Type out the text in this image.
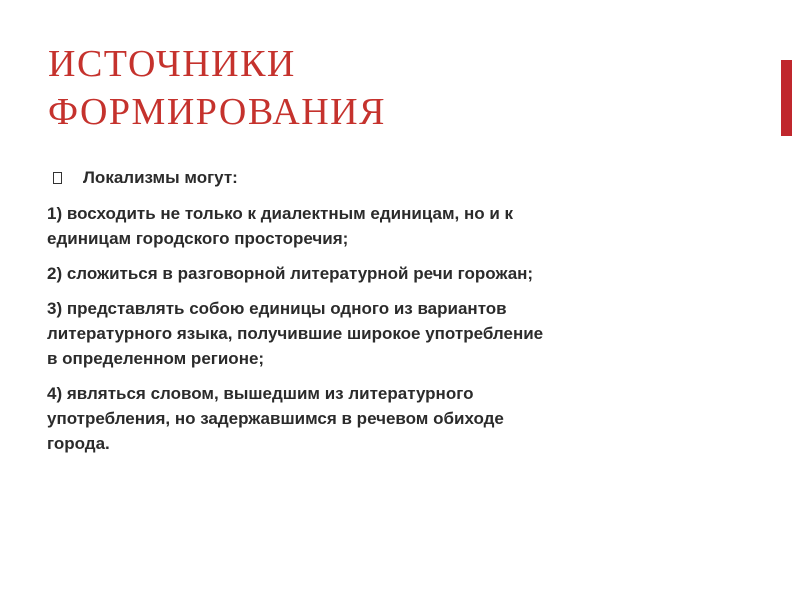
ИСТОЧНИКИ
ФОРМИРОВАНИЯ
Локализмы могут:
1) восходить не только к диалектным единицам, но и к
единицам городского просторечия;
2) сложиться в разговорной литературной речи горожан;
3) представлять собою единицы одного из вариантов
литературного языка, получившие широкое употребление
в определенном регионе;
4) являться словом, вышедшим из литературного
употребления, но задержавшимся в речевом обиходе
города.
